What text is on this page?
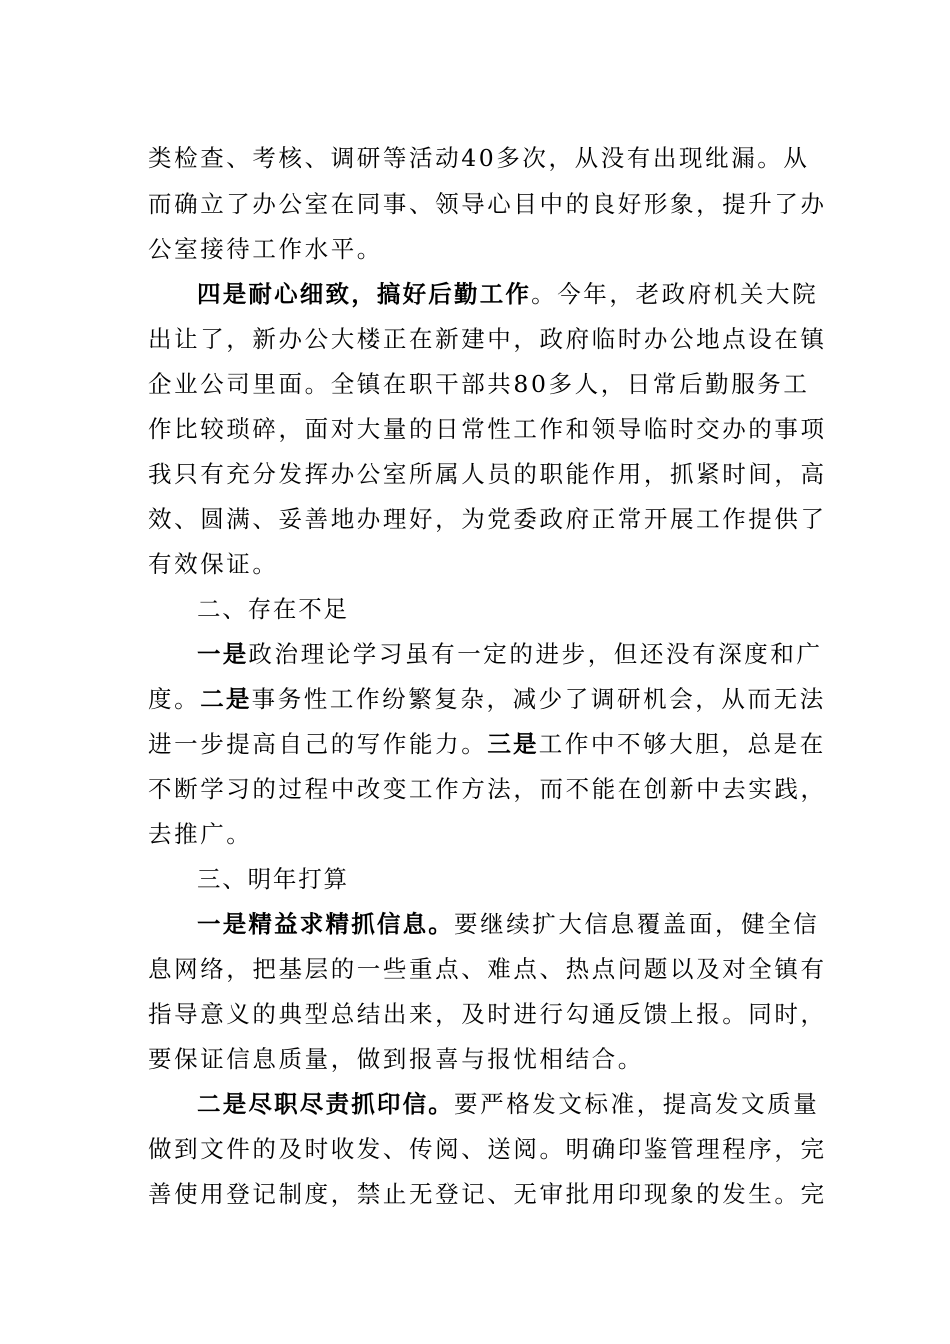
类检查、考核、调研等活动40多次，从没有出现纰漏。从
而确立了办公室在同事、领导心目中的良好形象，提升了办
公室接待工作水平。
四是耐心细致，搞好后勤工作。今年，老政府机关大院
出让了，新办公大楼正在新建中，政府临时办公地点设在镇
企业公司里面。全镇在职干部共80多人，日常后勤服务工
作比较琐碎，面对大量的日常性工作和领导临时交办的事项
我只有充分发挥办公室所属人员的职能作用，抓紧时间，高
效、圆满、妥善地办理好，为党委政府正常开展工作提供了
有效保证。
二、存在不足
一是政治理论学习虽有一定的进步，但还没有深度和广
度。二是事务性工作纷繁复杂，减少了调研机会，从而无法
进一步提高自己的写作能力。三是工作中不够大胆，总是在
不断学习的过程中改变工作方法，而不能在创新中去实践，
去推广。
三、明年打算
一是精益求精抓信息。要继续扩大信息覆盖面，健全信
息网络，把基层的一些重点、难点、热点问题以及对全镇有
指导意义的典型总结出来，及时进行勾通反馈上报。同时，
要保证信息质量，做到报喜与报忧相结合。
二是尽职尽责抓印信。要严格发文标准，提高发文质量
做到文件的及时收发、传阅、送阅。明确印鉴管理程序，完
善使用登记制度，禁止无登记、无审批用印现象的发生。完
